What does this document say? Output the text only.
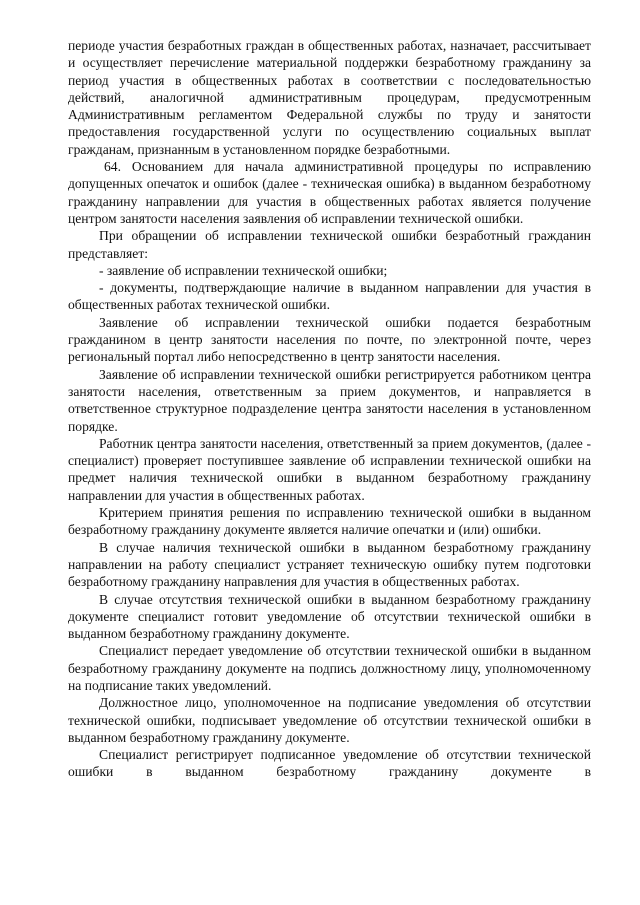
периоде участия безработных граждан в общественных работах, назначает, рассчитывает и осуществляет перечисление материальной поддержки безработному гражданину за период участия в общественных работах в соответствии с последовательностью действий, аналогичной административным процедурам, предусмотренным Административным регламентом Федеральной службы по труду и занятости предоставления государственной услуги по осуществлению социальных выплат гражданам, признанным в установленном порядке безработными.

64. Основанием для начала административной процедуры по исправлению допущенных опечаток и ошибок (далее - техническая ошибка) в выданном безработному гражданину направлении для участия в общественных работах является получение центром занятости населения заявления об исправлении технической ошибки.

При обращении об исправлении технической ошибки безработный гражданин представляет:

- заявление об исправлении технической ошибки;

- документы, подтверждающие наличие в выданном направлении для участия в общественных работах технической ошибки.

Заявление об исправлении технической ошибки подается безработным гражданином в центр занятости населения по почте, по электронной почте, через региональный портал либо непосредственно в центр занятости населения.

Заявление об исправлении технической ошибки регистрируется работником центра занятости населения, ответственным за прием документов, и направляется в ответственное структурное подразделение центра занятости населения в установленном порядке.

Работник центра занятости населения, ответственный за прием документов, (далее - специалист) проверяет поступившее заявление об исправлении технической ошибки на предмет наличия технической ошибки в выданном безработному гражданину направлении для участия в общественных работах.

Критерием принятия решения по исправлению технической ошибки в выданном безработному гражданину документе является наличие опечатки и (или) ошибки.

В случае наличия технической ошибки в выданном безработному гражданину направлении на работу специалист устраняет техническую ошибку путем подготовки безработному гражданину направления для участия в общественных работах.

В случае отсутствия технической ошибки в выданном безработному гражданину документе специалист готовит уведомление об отсутствии технической ошибки в выданном безработному гражданину документе.

Специалист передает уведомление об отсутствии технической ошибки в выданном безработному гражданину документе на подпись должностному лицу, уполномоченному на подписание таких уведомлений.

Должностное лицо, уполномоченное на подписание уведомления об отсутствии технической ошибки, подписывает уведомление об отсутствии технической ошибки в выданном безработному гражданину документе.

Специалист регистрирует подписанное уведомление об отсутствии технической ошибки в выданном безработному гражданину документе в
